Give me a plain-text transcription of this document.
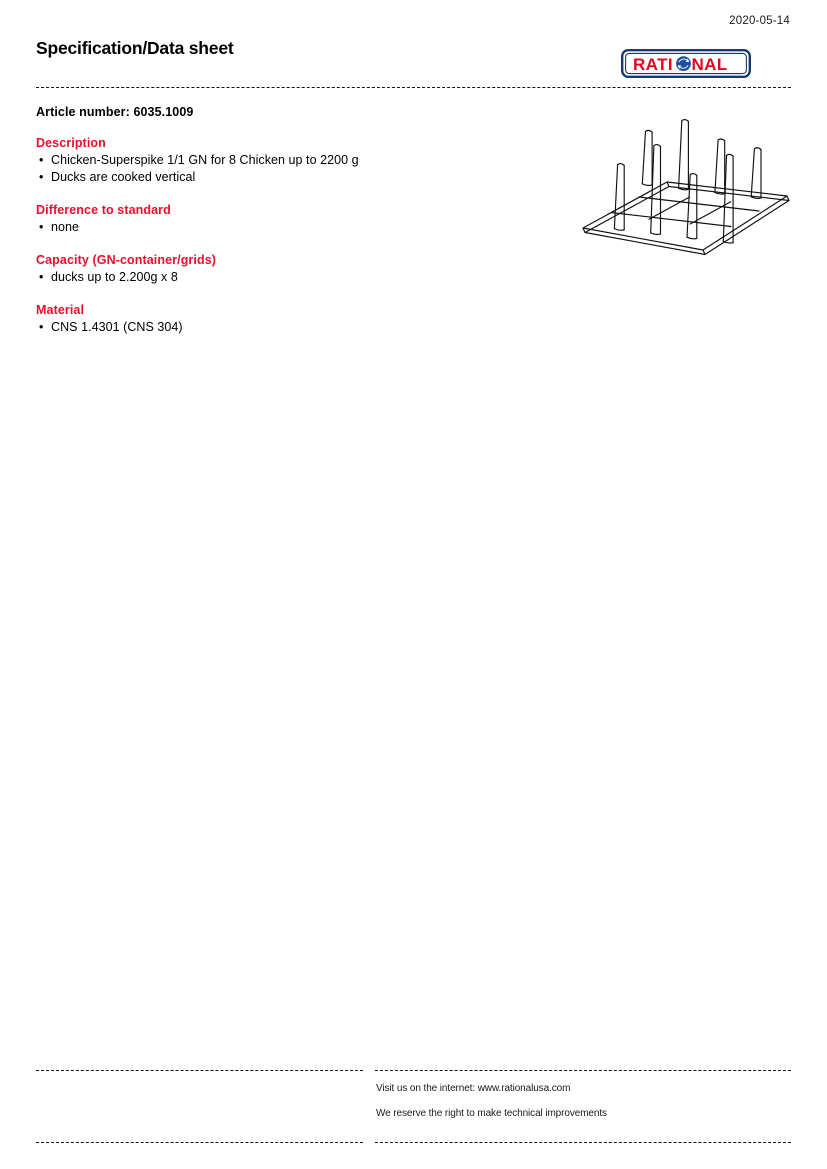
2020-05-14
Specification/Data sheet
RATI NAL
Article number: 6035.1009
Description
• Chicken-Superspike 1/1 GN for 8 Chicken up to 2200 g
• Ducks are cooked vertical
Difference to standard
• none
Capacity (GN-container/grids)
• ducks up to 2.200g x 8
Material
• CNS 1.4301 (CNS 304)
Visit us on the internet: www.rationalusa.com
We reserve the right to make technical improvements
